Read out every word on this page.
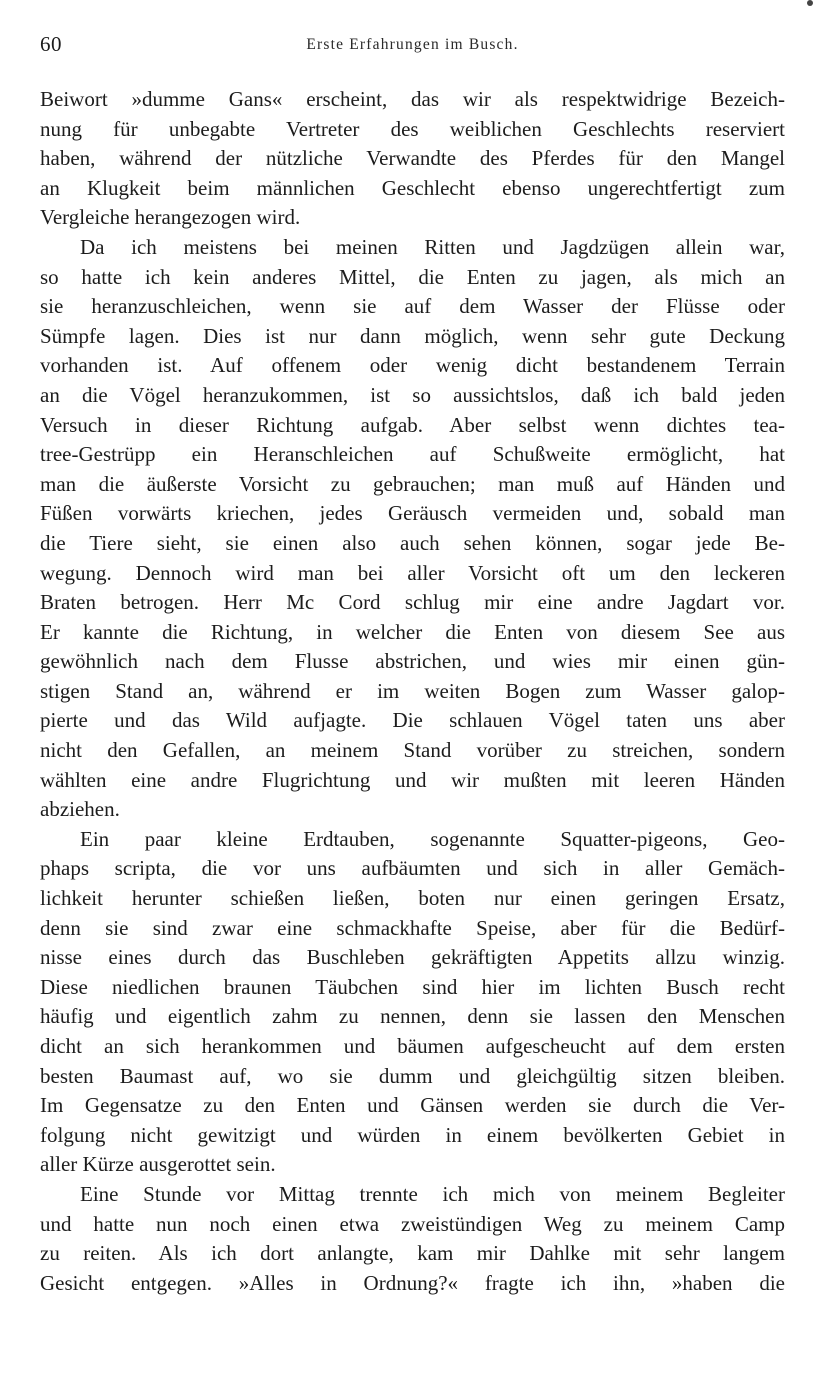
60	Erste Erfahrungen im Busch.
Beiwort »dumme Gans« erscheint, das wir als respektwidrige Bezeich-
nung für unbegabte Vertreter des weiblichen Geschlechts reserviert
haben, während der nützliche Verwandte des Pferdes für den Mangel
an Klugkeit beim männlichen Geschlecht ebenso ungerechtfertigt zum
Vergleiche herangezogen wird.
Da ich meistens bei meinen Ritten und Jagdzügen allein war,
so hatte ich kein anderes Mittel, die Enten zu jagen, als mich an
sie heranzuschleichen, wenn sie auf dem Wasser der Flüsse oder
Sümpfe lagen. Dies ist nur dann möglich, wenn sehr gute Deckung
vorhanden ist. Auf offenem oder wenig dicht bestandenem Terrain
an die Vögel heranzukommen, ist so aussichtslos, daß ich bald jeden
Versuch in dieser Richtung aufgab. Aber selbst wenn dichtes tea-
tree-Gestrüpp ein Heranschleichen auf Schußweite ermöglicht, hat
man die äußerste Vorsicht zu gebrauchen; man muß auf Händen und
Füßen vorwärts kriechen, jedes Geräusch vermeiden und, sobald man
die Tiere sieht, sie einen also auch sehen können, sogar jede Be-
wegung. Dennoch wird man bei aller Vorsicht oft um den leckeren
Braten betrogen. Herr Mc Cord schlug mir eine andre Jagdart vor.
Er kannte die Richtung, in welcher die Enten von diesem See aus
gewöhnlich nach dem Flusse abstrichen, und wies mir einen gün-
stigen Stand an, während er im weiten Bogen zum Wasser galop-
pierte und das Wild aufjagte. Die schlauen Vögel taten uns aber
nicht den Gefallen, an meinem Stand vorüber zu streichen, sondern
wählten eine andre Flugrichtung und wir mußten mit leeren Händen
abziehen.
Ein paar kleine Erdtauben, sogenannte Squatter-pigeons, Geo-
phaps scripta, die vor uns aufbäumten und sich in aller Gemäch-
lichkeit herunter schießen ließen, boten nur einen geringen Ersatz,
denn sie sind zwar eine schmackhafte Speise, aber für die Bedürf-
nisse eines durch das Buschleben gekräftigten Appetits allzu winzig.
Diese niedlichen braunen Täubchen sind hier im lichten Busch recht
häufig und eigentlich zahm zu nennen, denn sie lassen den Menschen
dicht an sich herankommen und bäumen aufgescheucht auf dem ersten
besten Baumast auf, wo sie dumm und gleichgültig sitzen bleiben.
Im Gegensatze zu den Enten und Gänsen werden sie durch die Ver-
folgung nicht gewitzigt und würden in einem bevölkerten Gebiet in
aller Kürze ausgerottet sein.
Eine Stunde vor Mittag trennte ich mich von meinem Begleiter
und hatte nun noch einen etwa zweistündigen Weg zu meinem Camp
zu reiten. Als ich dort anlangte, kam mir Dahlke mit sehr langem
Gesicht entgegen. »Alles in Ordnung?« fragte ich ihn, »haben die
